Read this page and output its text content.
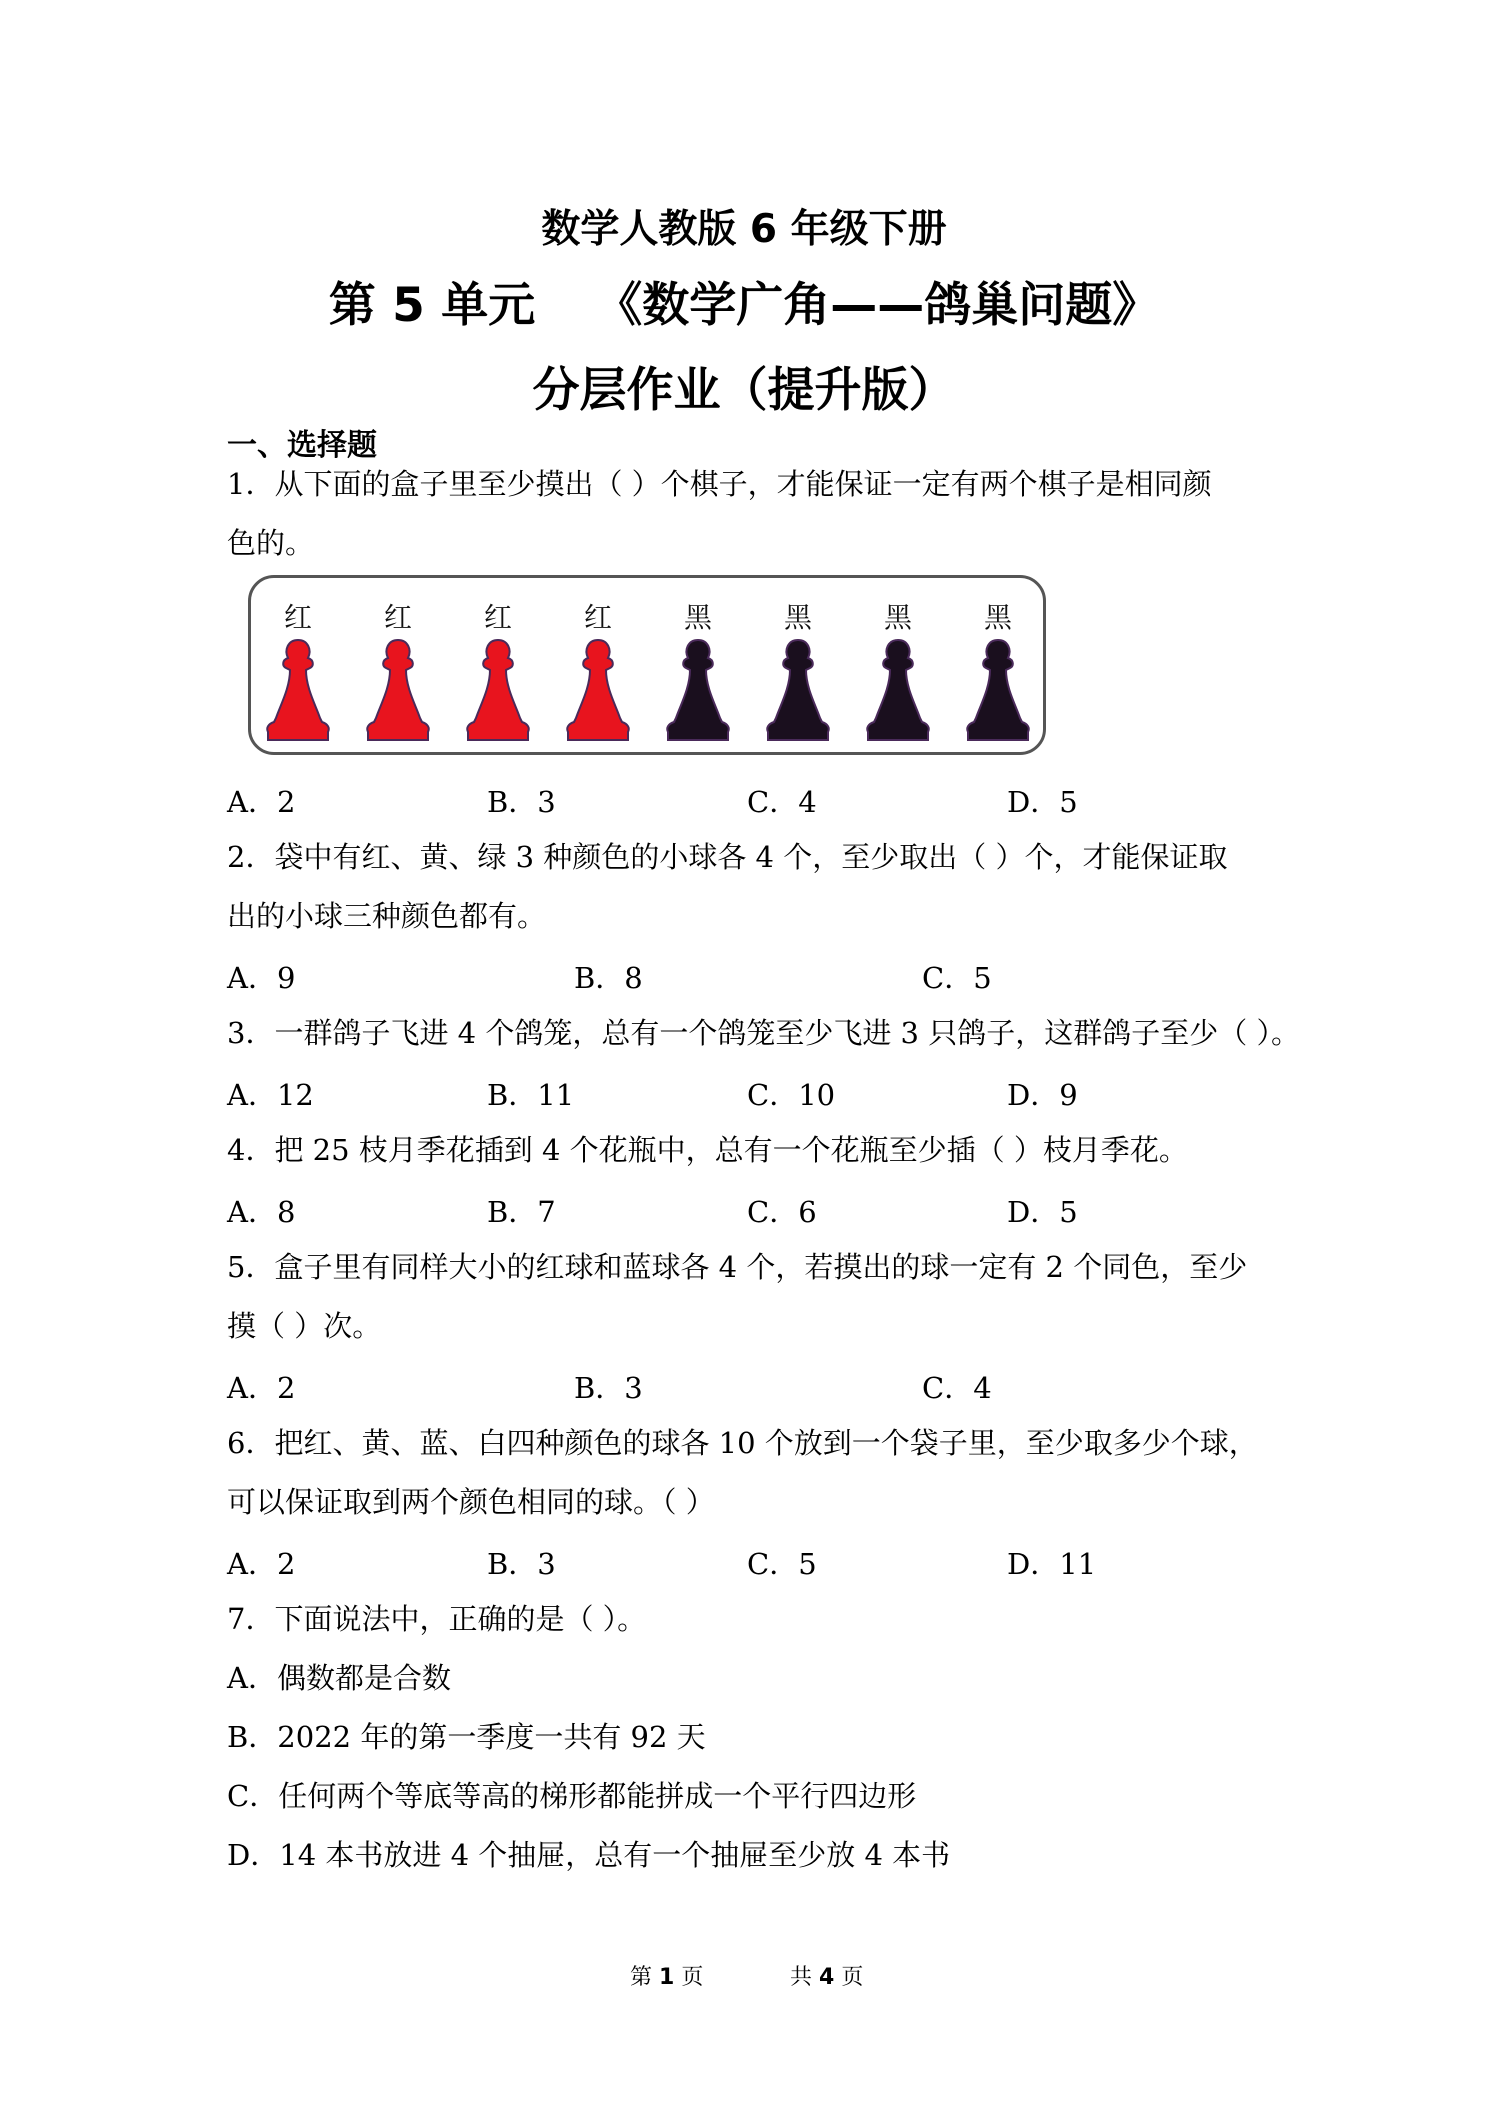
数学人教版 6 年级下册

第 5 单元 《数学广角——鸽巢问题》

分层作业（提升版）

一、选择题

1．从下面的盒子里至少摸出（ ）个棋子，才能保证一定有两个棋子是相同颜
色的。

红	红	红	红	黑	黑	黑	黑
A．2	B．3	C．4	D．5

2．袋中有红、黄、绿 3 种颜色的小球各 4 个，至少取出（ ）个，才能保证取
出的小球三种颜色都有。

A．9	B．8	C．5

3．一群鸽子飞进 4 个鸽笼，总有一个鸽笼至少飞进 3 只鸽子，这群鸽子至少（ ）。

A．12	B．11	C．10	D．9

4．把 25 枝月季花插到 4 个花瓶中，总有一个花瓶至少插（ ）枝月季花。

A．8	B．7	C．6	D．5

5．盒子里有同样大小的红球和蓝球各 4 个，若摸出的球一定有 2 个同色，至少
摸（ ）次。

A．2	B．3	C．4

6．把红、黄、蓝、白四种颜色的球各 10 个放到一个袋子里，至少取多少个球，
可以保证取到两个颜色相同的球。（ ）

A．2	B．3	C．5	D．11

7．下面说法中，正确的是（ ）。

A．偶数都是合数

B．2022 年的第一季度一共有 92 天

C．任何两个等底等高的梯形都能拼成一个平行四边形

D．14 本书放进 4 个抽屉，总有一个抽屉至少放 4 本书

第 1 页	共 4 页
